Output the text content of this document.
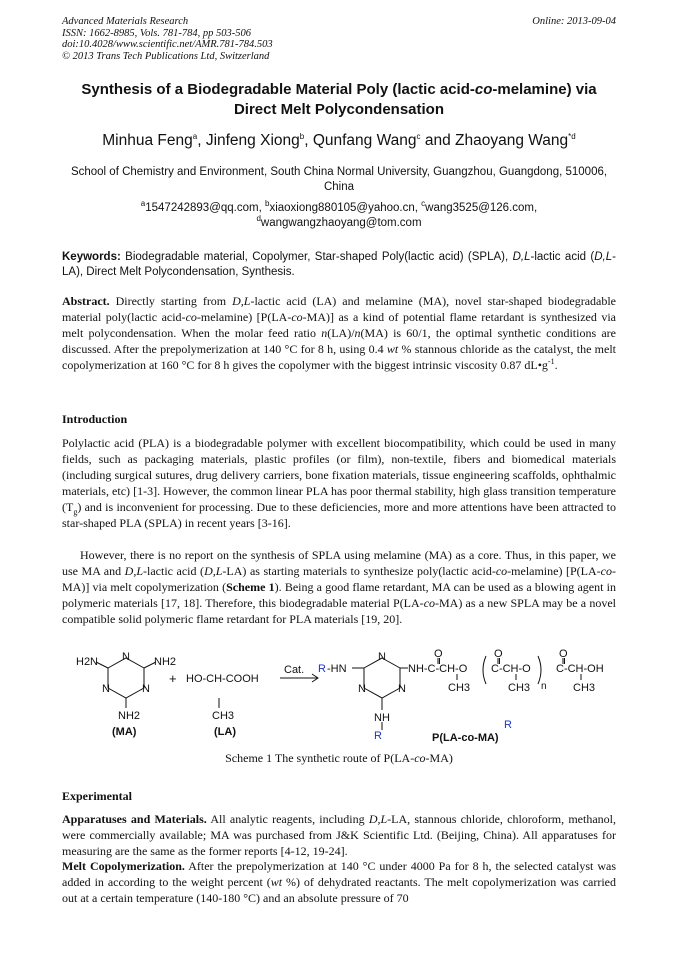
Advanced Materials Research
ISSN: 1662-8985, Vols. 781-784, pp 503-506
doi:10.4028/www.scientific.net/AMR.781-784.503
© 2013 Trans Tech Publications Ltd, Switzerland
Online: 2013-09-04
Synthesis of a Biodegradable Material Poly (lactic acid-co-melamine) via Direct Melt Polycondensation
Minhua Feng$^a$, Jinfeng Xiong$^b$, Qunfang Wang$^c$ and Zhaoyang Wang$^{*d}$
School of Chemistry and Environment, South China Normal University, Guangzhou, Guangdong, 510006, China
$^a$1547242893@qq.com, $^b$xiaoxiong880105@yahoo.cn, $^c$wang3525@126.com,
$^d$wangwangzhaoyang@tom.com
Keywords: Biodegradable material, Copolymer, Star-shaped Poly(lactic acid) (SPLA), D,L-lactic acid (D,L-LA), Direct Melt Polycondensation, Synthesis.
Abstract. Directly starting from D,L-lactic acid (LA) and melamine (MA), novel star-shaped biodegradable material poly(lactic acid-co-melamine) [P(LA-co-MA)] as a kind of potential flame retardant is synthesized via melt polycondensation. When the molar feed ratio n(LA)/n(MA) is 60/1, the optimal synthetic conditions are discussed. After the prepolymerization at 140 °C for 8 h, using 0.4 wt % stannous chloride as the catalyst, the melt copolymerization at 160 °C for 8 h gives the copolymer with the biggest intrinsic viscosity 0.87 $dL•g^{-1}$.
Introduction
Polylactic acid (PLA) is a biodegradable polymer with excellent biocompatibility, which could be used in many fields, such as packaging materials, plastic profiles (or film), non-textile, fibers and biomedical materials (including surgical sutures, drug delivery carriers, bone fixation materials, tissue engineering scaffolds, ophthalmic materials, etc) [1-3]. However, the common linear PLA has poor thermal stability, high glass transition temperature $(T_g)$ and is inconvenient for processing. Due to these deficiencies, more and more attentions have been attracted to star-shaped PLA (SPLA) in recent years [3-16].
However, there is no report on the synthesis of SPLA using melamine (MA) as a core. Thus, in this paper, we use MA and D,L-lactic acid (D,L-LA) as starting materials to synthesize poly(lactic acid-co-melamine) [P(LA-co-MA)] via melt copolymerization (Scheme 1). Being a good flame retardant, MA can be used as a blowing agent in polymeric materials [17, 18]. Therefore, this biodegradable material P(LA-co-MA) as a new SPLA may be a novel compatible solid polymeric flame retardant for PLA materials [19, 20].
H2N	NH2
N
N	N
NH2
(MA)
+ HO-CH-COOH
CH3
(LA)
Cat. R -HN
N
N	N
NH
R
O	O	O
NH-C-CH-O C-CH-O C-CH-OH
CH3	CH3	CH3
n
R
P(LA-co-MA)
Scheme 1 The synthetic route of P(LA-co-MA)
Experimental
Apparatuses and Materials. All analytic reagents, including D,L-LA, stannous chloride, chloroform, methanol, were commercially available; MA was purchased from J&K Scientific Ltd. (Beijing, China). All apparatuses for measuring are the same as the former reports [4-12, 19-24].
Melt Copolymerization. After the prepolymerization at 140 °C under 4000 Pa for 8 h, the selected catalyst was added in according to the weight percent (wt %) of dehydrated reactants. The melt copolymerization was carried out at a certain temperature (140-180 °C) and an absolute pressure of 70
